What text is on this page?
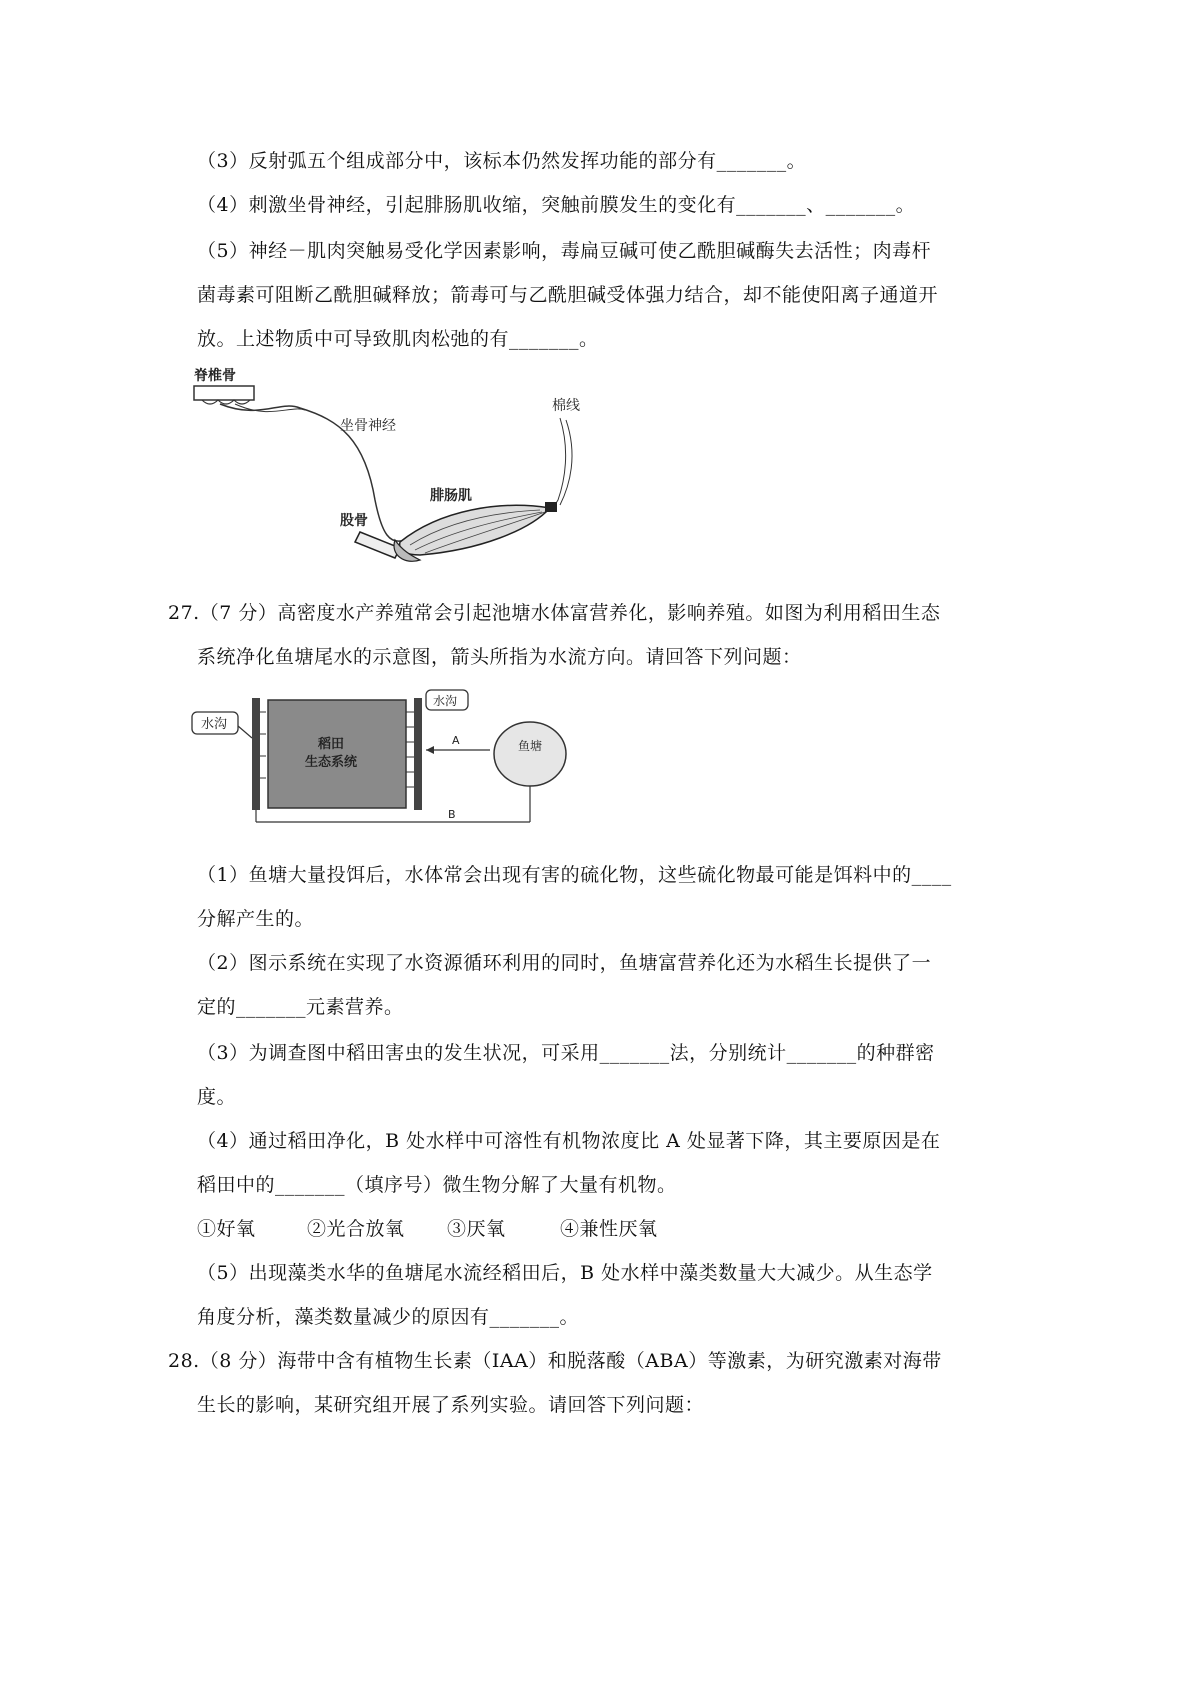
（3）反射弧五个组成部分中，该标本仍然发挥功能的部分有_______。
（4）刺激坐骨神经，引起腓肠肌收缩，突触前膜发生的变化有_______、_______。
（5）神经－肌肉突触易受化学因素影响，毒扁豆碱可使乙酰胆碱酶失去活性；肉毒杆
菌毒素可阻断乙酰胆碱释放；箭毒可与乙酰胆碱受体强力结合，却不能使阳离子通道开
放。上述物质中可导致肌肉松弛的有_______。
脊椎骨
坐骨神经
棉线
腓肠肌
股骨
27.（7 分）高密度水产养殖常会引起池塘水体富营养化，影响养殖。如图为利用稻田生态
系统净化鱼塘尾水的示意图，箭头所指为水流方向。请回答下列问题：
水沟
稻田
生态系统
水沟
A	鱼塘
B
（1）鱼塘大量投饵后，水体常会出现有害的硫化物，这些硫化物最可能是饵料中的____
分解产生的。
（2）图示系统在实现了水资源循环利用的同时，鱼塘富营养化还为水稻生长提供了一
定的_______元素营养。
（3）为调查图中稻田害虫的发生状况，可采用_______法，分别统计_______的种群密
度。
（4）通过稻田净化，B 处水样中可溶性有机物浓度比 A 处显著下降，其主要原因是在
稻田中的_______（填序号）微生物分解了大量有机物。
①好氧	②光合放氧 ③厌氧	④兼性厌氧
（5）出现藻类水华的鱼塘尾水流经稻田后，B 处水样中藻类数量大大减少。从生态学
角度分析，藻类数量减少的原因有_______。
28.（8 分）海带中含有植物生长素（IAA）和脱落酸（ABA）等激素，为研究激素对海带
生长的影响，某研究组开展了系列实验。请回答下列问题：
